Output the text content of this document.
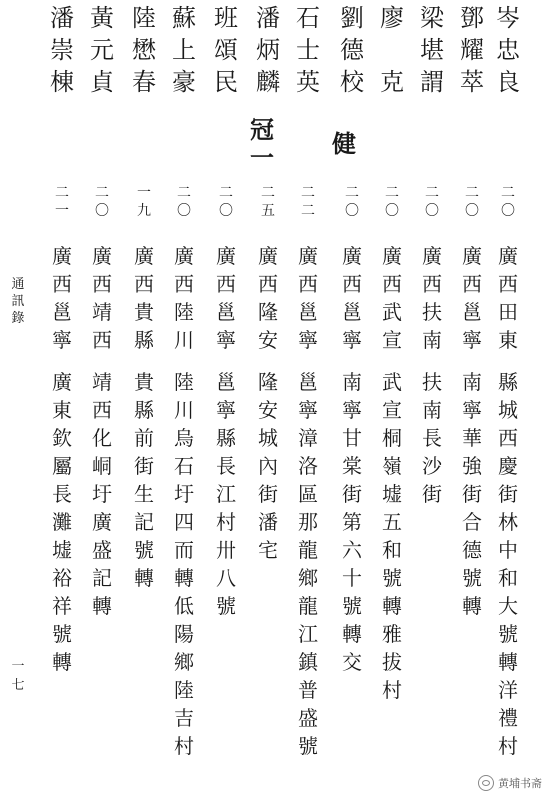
岑
忠
良
二
〇
廣
西
田
東
縣
城
西
慶
街
林
中
和
大
號
轉
洋
禮
村
鄧
耀
萃
二
〇
廣
西
邕
寧
南
寧
華
強
街
合
德
號
轉
梁
堪
謂
二
〇
廣
西
扶
南
扶
南
長
沙
街
廖

克
二
〇
廣
西
武
宣
武
宣
桐
嶺
墟
五
和
號
轉
雅
拔
村
劉
德
校
二
〇
廣
西
邕
寧
南
寧
甘
棠
街
第
六
十
號
轉
交
石
士
英
二
二
廣
西
邕
寧
邕
寧
漳
洛
區
那
龍
鄉
龍
江
鎮
普
盛
號
潘
炳
麟
二
五
廣
西
隆
安
隆
安
城
內
街
潘
宅
班
頌
民
二
〇
廣
西
邕
寧
邕
寧
縣
長
江
村
卅
八
號
蘇
上
豪
二
〇
廣
西
陸
川
陸
川
烏
石
圩
四
而
轉
低
陽
鄉
陸
吉
村
陸
懋
春
一
九
廣
西
貴
縣
貴
縣
前
街
生
記
號
轉
黃
元
貞
二
〇
廣
西
靖
西
靖
西
化
峒
圩
廣
盛
記
轉
潘
崇
棟
二
一
廣
西
邕
寧
廣
東
欽
屬
長
灘
墟
裕
祥
號
轉
健
冠
一
通
訊
錄
一
七
黄埔书斋
